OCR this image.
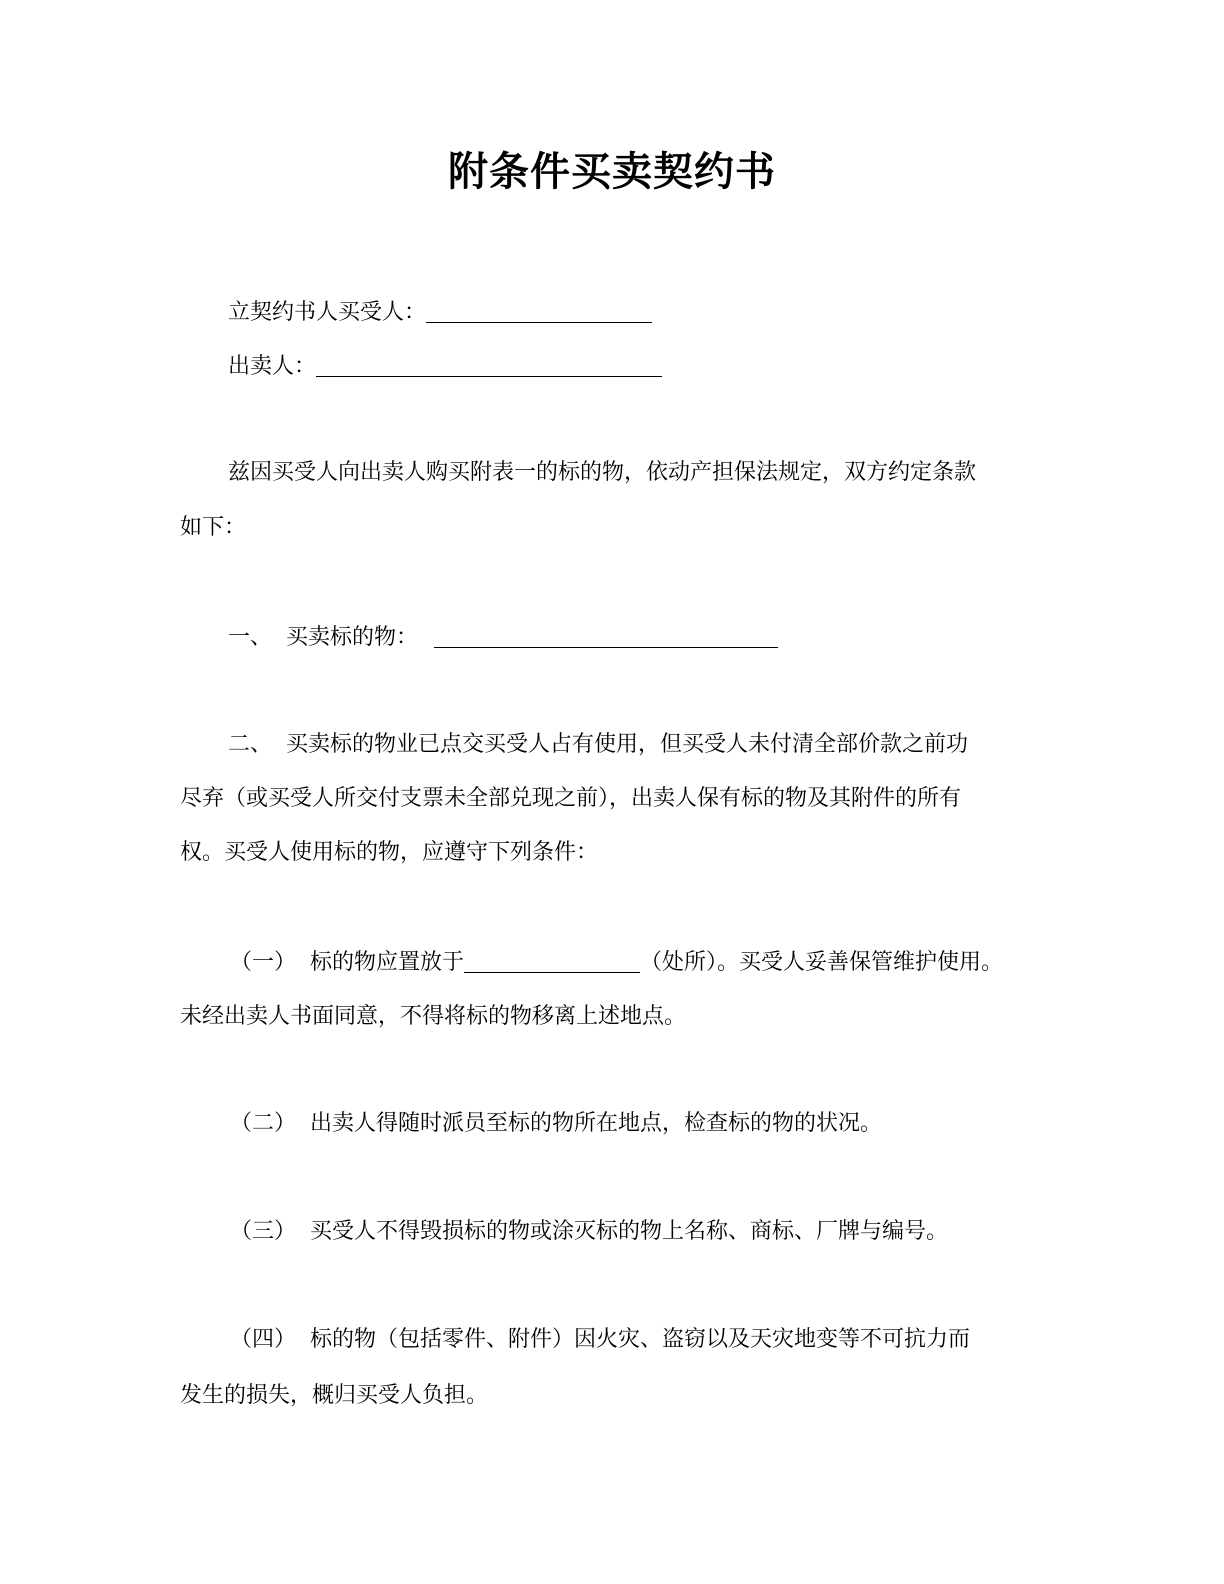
附条件买卖契约书
立契约书人买受人：
出卖人：
兹因买受人向出卖人购买附表一的标的物，依动产担保法规定，双方约定条款
如下：
一、 买卖标的物：
二、 买卖标的物业已点交买受人占有使用，但买受人未付清全部价款之前功
尽弃（或买受人所交付支票未全部兑现之前），出卖人保有标的物及其附件的所有
权。买受人使用标的物，应遵守下列条件：
（一） 标的物应置放于	（处所）。买受人妥善保管维护使用。
未经出卖人书面同意，不得将标的物移离上述地点。
（二） 出卖人得随时派员至标的物所在地点，检查标的物的状况。
（三） 买受人不得毁损标的物或涂灭标的物上名称、商标、厂牌与编号。
（四） 标的物（包括零件、附件）因火灾、盗窃以及天灾地变等不可抗力而
发生的损失，概归买受人负担。
